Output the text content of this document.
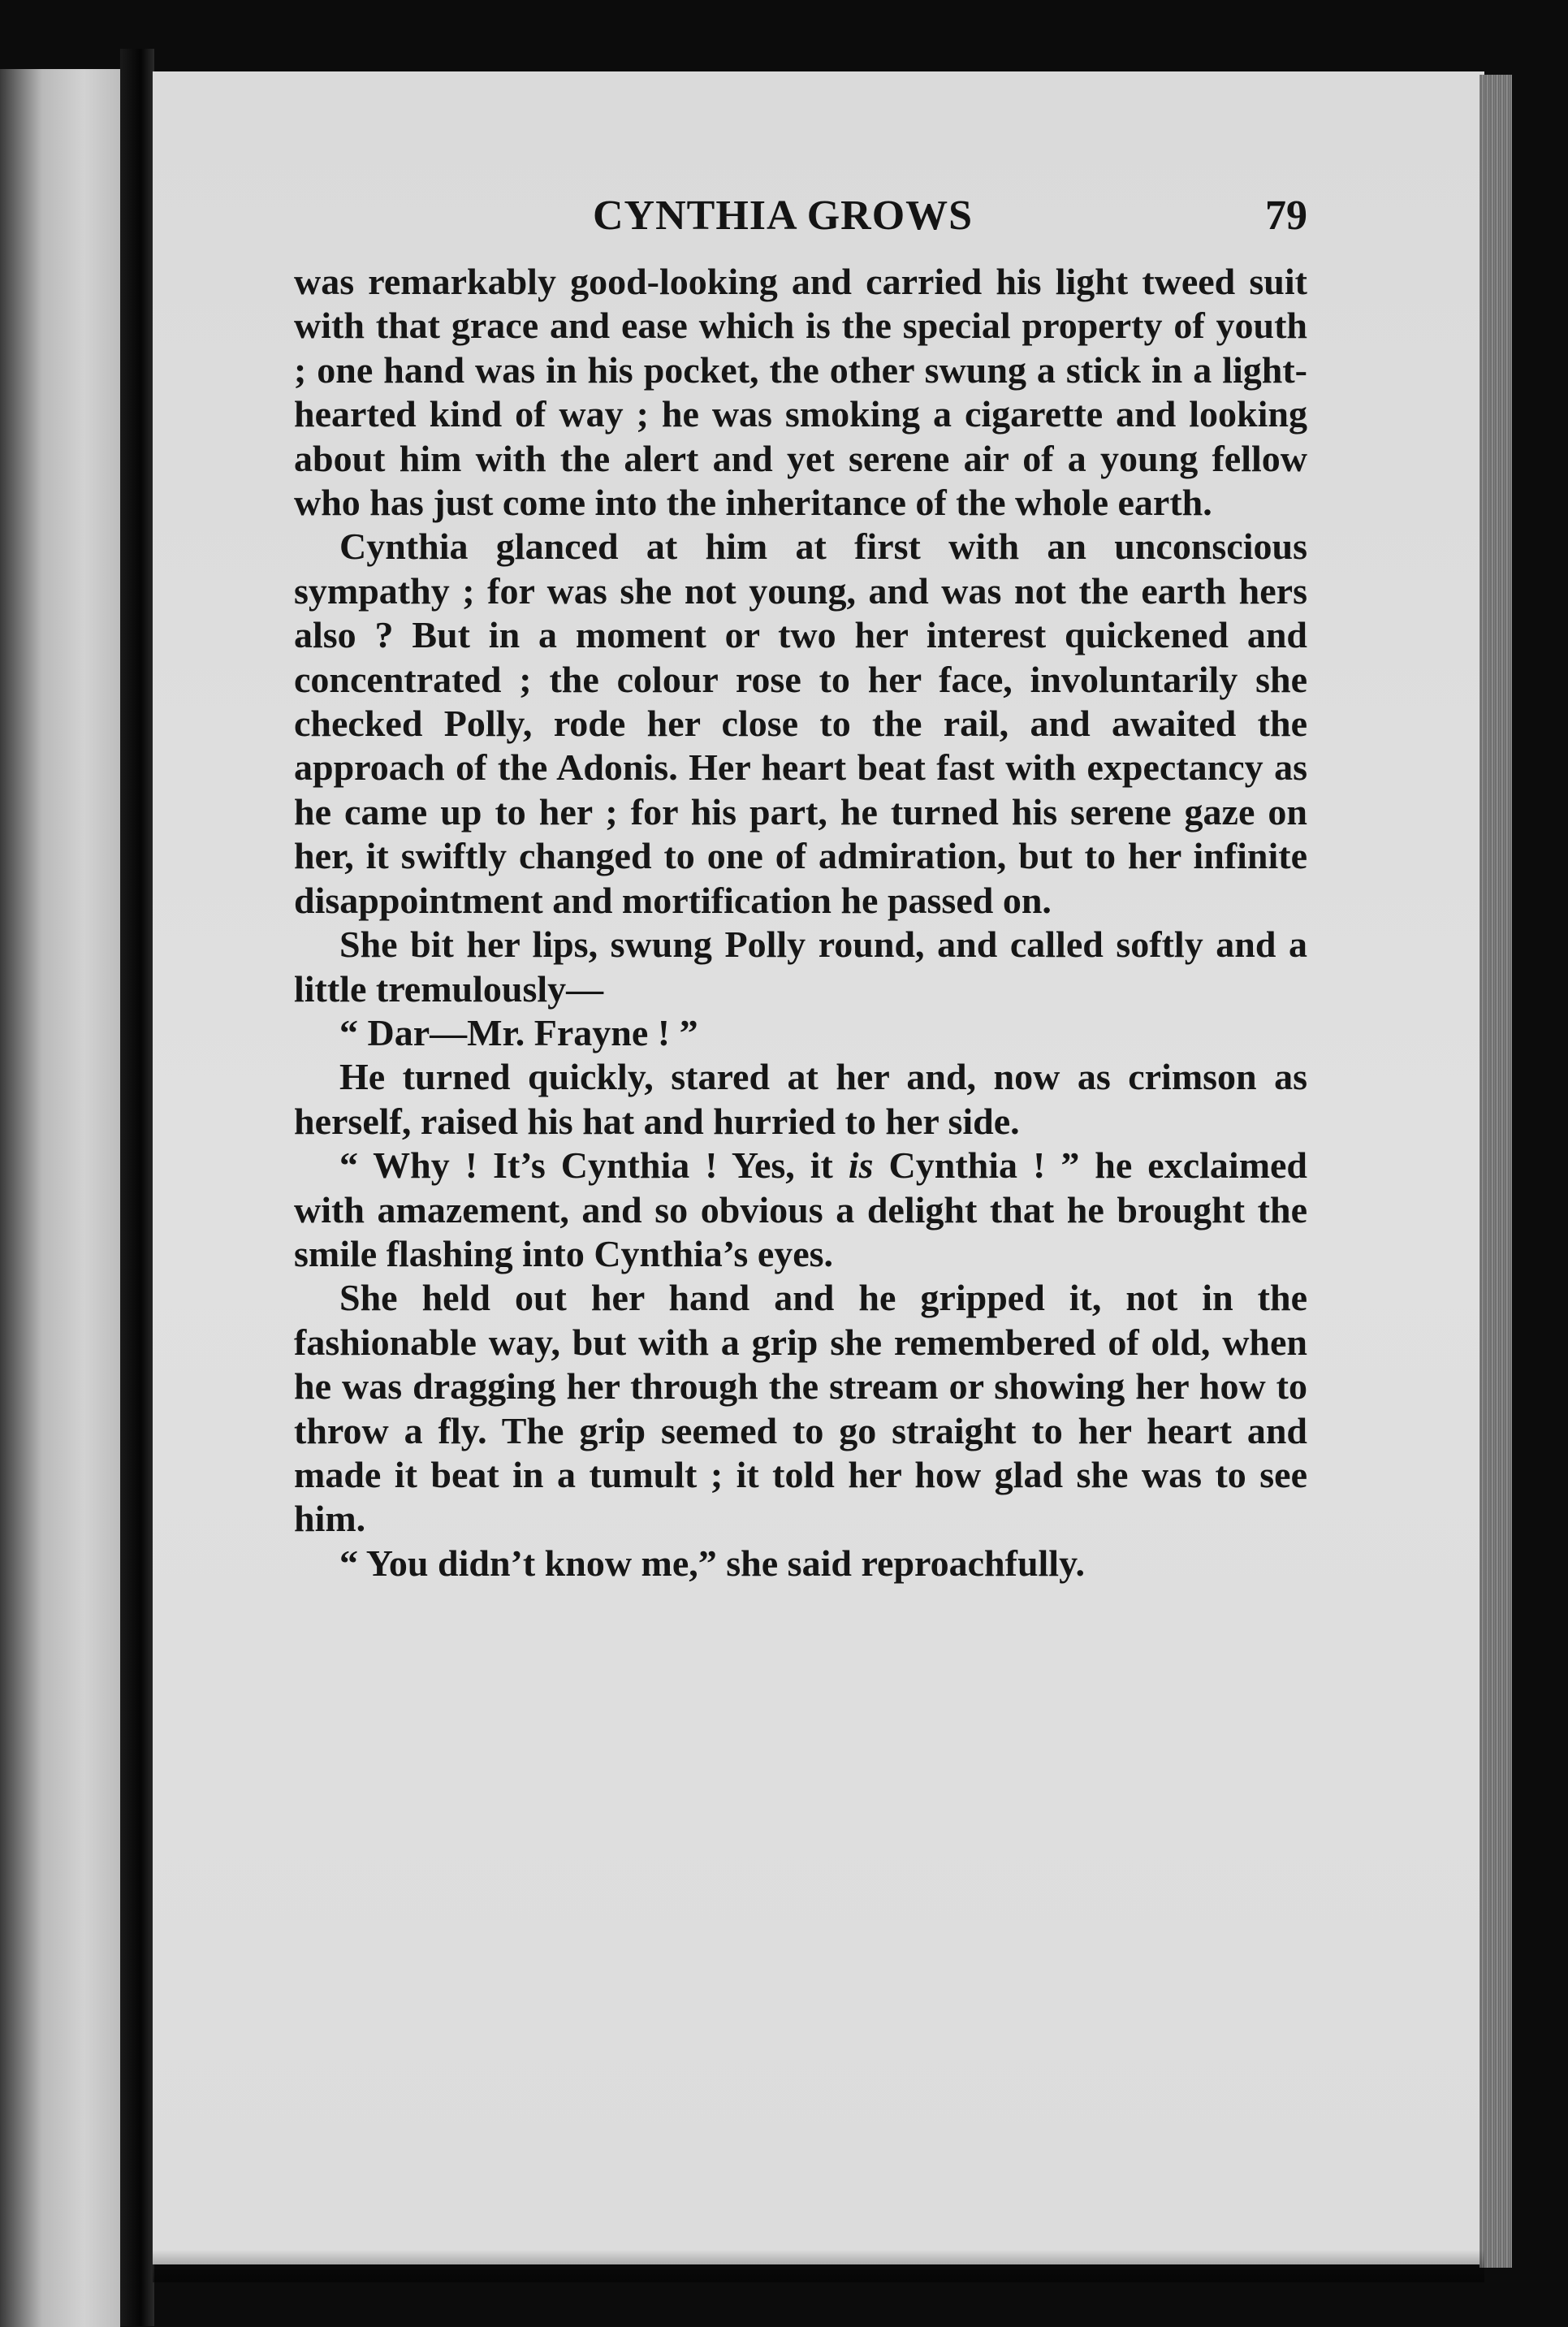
CYNTHIA GROWS	79

was remarkably good-looking and carried his light tweed suit with that grace and ease which is the special property of youth ; one hand was in his pocket, the other swung a stick in a light-hearted kind of way ; he was smoking a cigarette and looking about him with the alert and yet serene air of a young fellow who has just come into the inheritance of the whole earth.

Cynthia glanced at him at first with an unconscious sympathy ; for was she not young, and was not the earth hers also ? But in a moment or two her interest quickened and concentrated ; the colour rose to her face, involuntarily she checked Polly, rode her close to the rail, and awaited the approach of the Adonis. Her heart beat fast with expectancy as he came up to her ; for his part, he turned his serene gaze on her, it swiftly changed to one of admiration, but to her infinite disappointment and mortification he passed on.

She bit her lips, swung Polly round, and called softly and a little tremulously—

“ Dar—Mr. Frayne ! ”

He turned quickly, stared at her and, now as crimson as herself, raised his hat and hurried to her side.

“ Why ! It’s Cynthia ! Yes, it is Cynthia ! ” he exclaimed with amazement, and so obvious a delight that he brought the smile flashing into Cynthia’s eyes.

She held out her hand and he gripped it, not in the fashionable way, but with a grip she remembered of old, when he was dragging her through the stream or showing her how to throw a fly. The grip seemed to go straight to her heart and made it beat in a tumult ; it told her how glad she was to see him.

“ You didn’t know me,” she said reproachfully.
